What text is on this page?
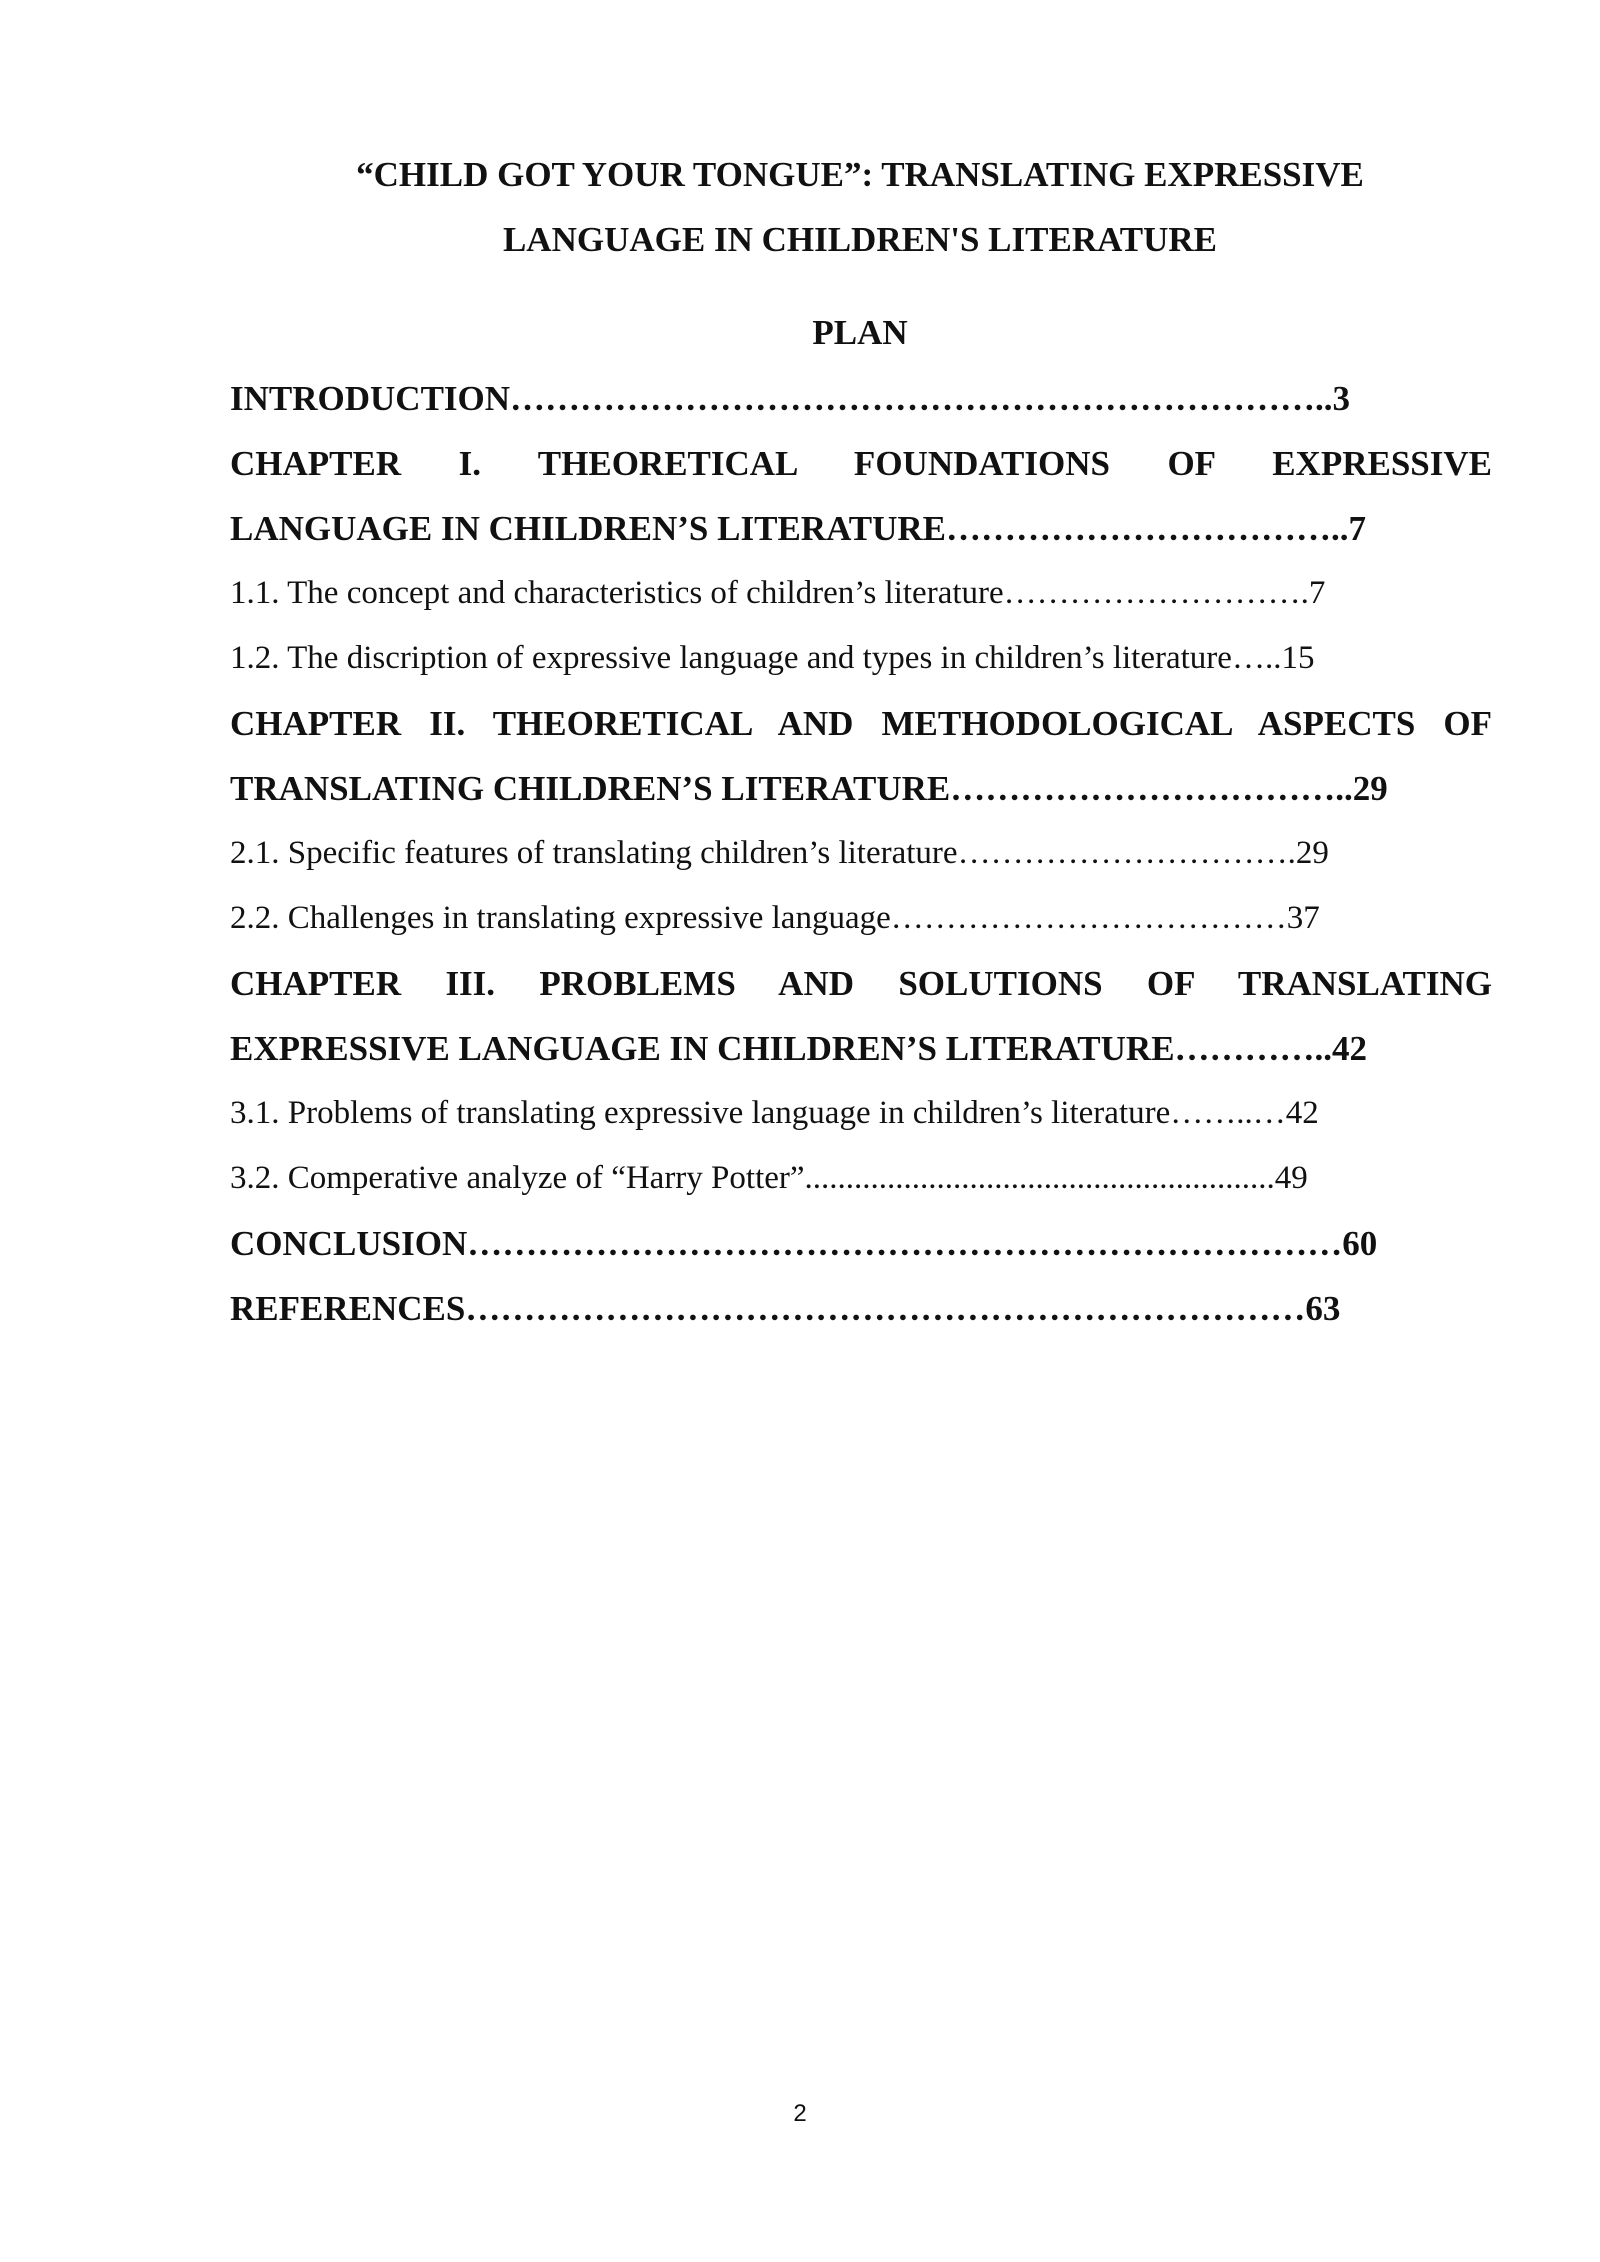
“CHILD GOT YOUR TONGUE”: TRANSLATING EXPRESSIVE
LANGUAGE IN CHILDREN'S LITERATURE
PLAN
INTRODUCTION……………………………………………………………..3
CHAPTER I. THEORETICAL FOUNDATIONS OF EXPRESSIVE
LANGUAGE IN CHILDREN’S LITERATURE……………………………..7
1.1. The concept and characteristics of children’s literature……………………….7
1.2. The discription of expressive language and types in children’s literature…..15
CHAPTER II. THEORETICAL AND METHODOLOGICAL ASPECTS OF
TRANSLATING CHILDREN’S LITERATURE……………………………..29
2.1. Specific features of translating children’s literature………………………….29
2.2. Challenges in translating expressive language………………………………37
CHAPTER III. PROBLEMS AND SOLUTIONS OF TRANSLATING
EXPRESSIVE LANGUAGE IN CHILDREN’S LITERATURE…………..42
3.1. Problems of translating expressive language in children’s literature……..…42
3.2. Comperative analyze of “Harry Potter”.........................................................49
CONCLUSION…………………………………………………………………60
REFERENCES………………………………………………………………63
2
